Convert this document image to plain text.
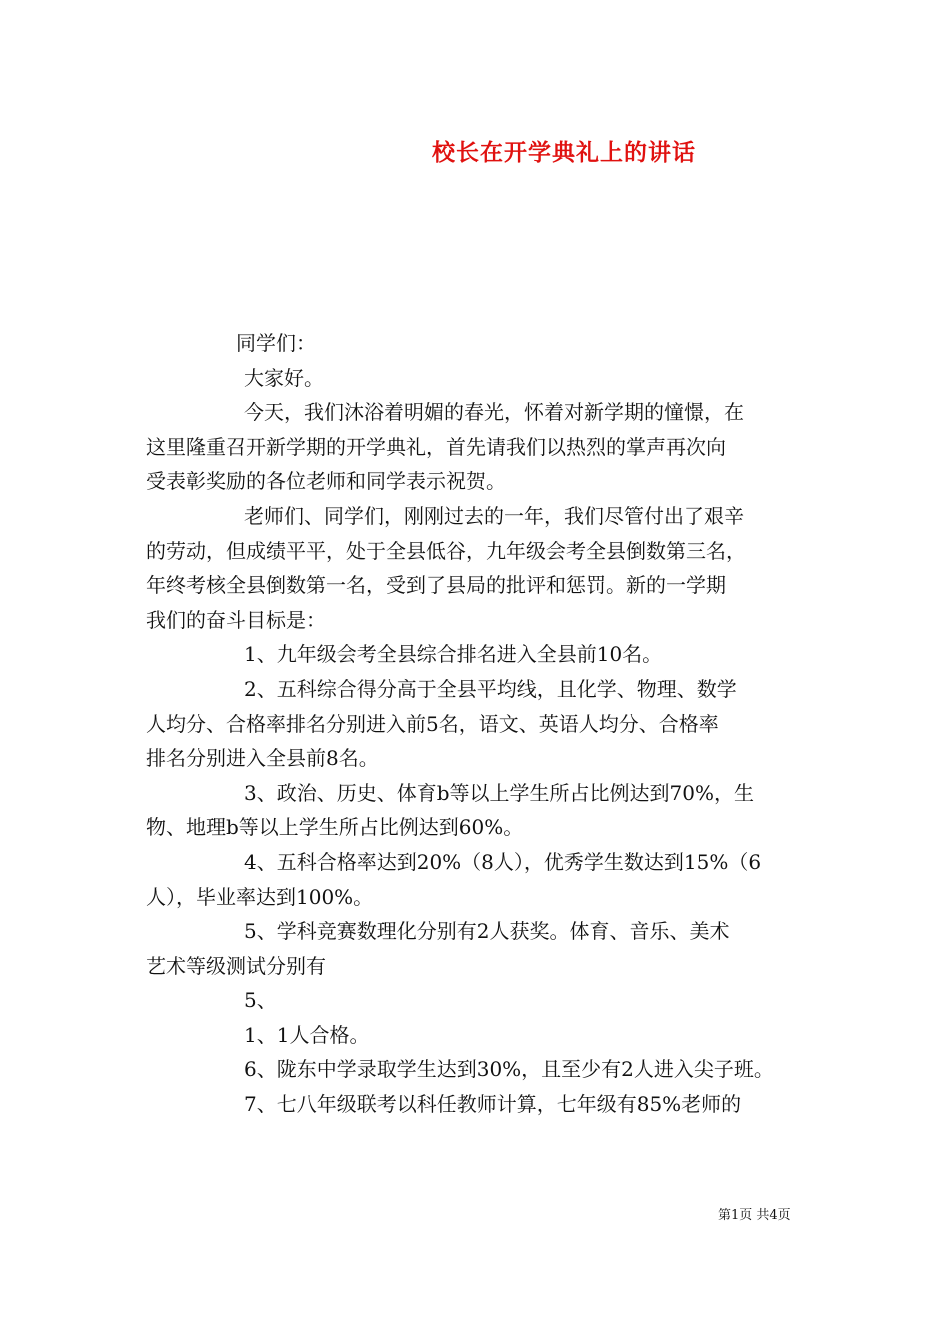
校长在开学典礼上的讲话
同学们：
大家好。
今天，我们沐浴着明媚的春光，怀着对新学期的憧憬，在
这里隆重召开新学期的开学典礼，首先请我们以热烈的掌声再次向
受表彰奖励的各位老师和同学表示祝贺。
老师们、同学们，刚刚过去的一年，我们尽管付出了艰辛
的劳动，但成绩平平，处于全县低谷，九年级会考全县倒数第三名，
年终考核全县倒数第一名，受到了县局的批评和惩罚。新的一学期
我们的奋斗目标是：
1、九年级会考全县综合排名进入全县前10名。
2、五科综合得分高于全县平均线，且化学、物理、数学
人均分、合格率排名分别进入前5名，语文、英语人均分、合格率
排名分别进入全县前8名。
3、政治、历史、体育b等以上学生所占比例达到70%，生
物、地理b等以上学生所占比例达到60%。
4、五科合格率达到20%（8人），优秀学生数达到15%（6
人），毕业率达到100%。
5、学科竞赛数理化分别有2人获奖。体育、音乐、美术
艺术等级测试分别有
5、
1、1人合格。
6、陇东中学录取学生达到30%，且至少有2人进入尖子班。
7、七八年级联考以科任教师计算，七年级有85%老师的
第1页 共4页
